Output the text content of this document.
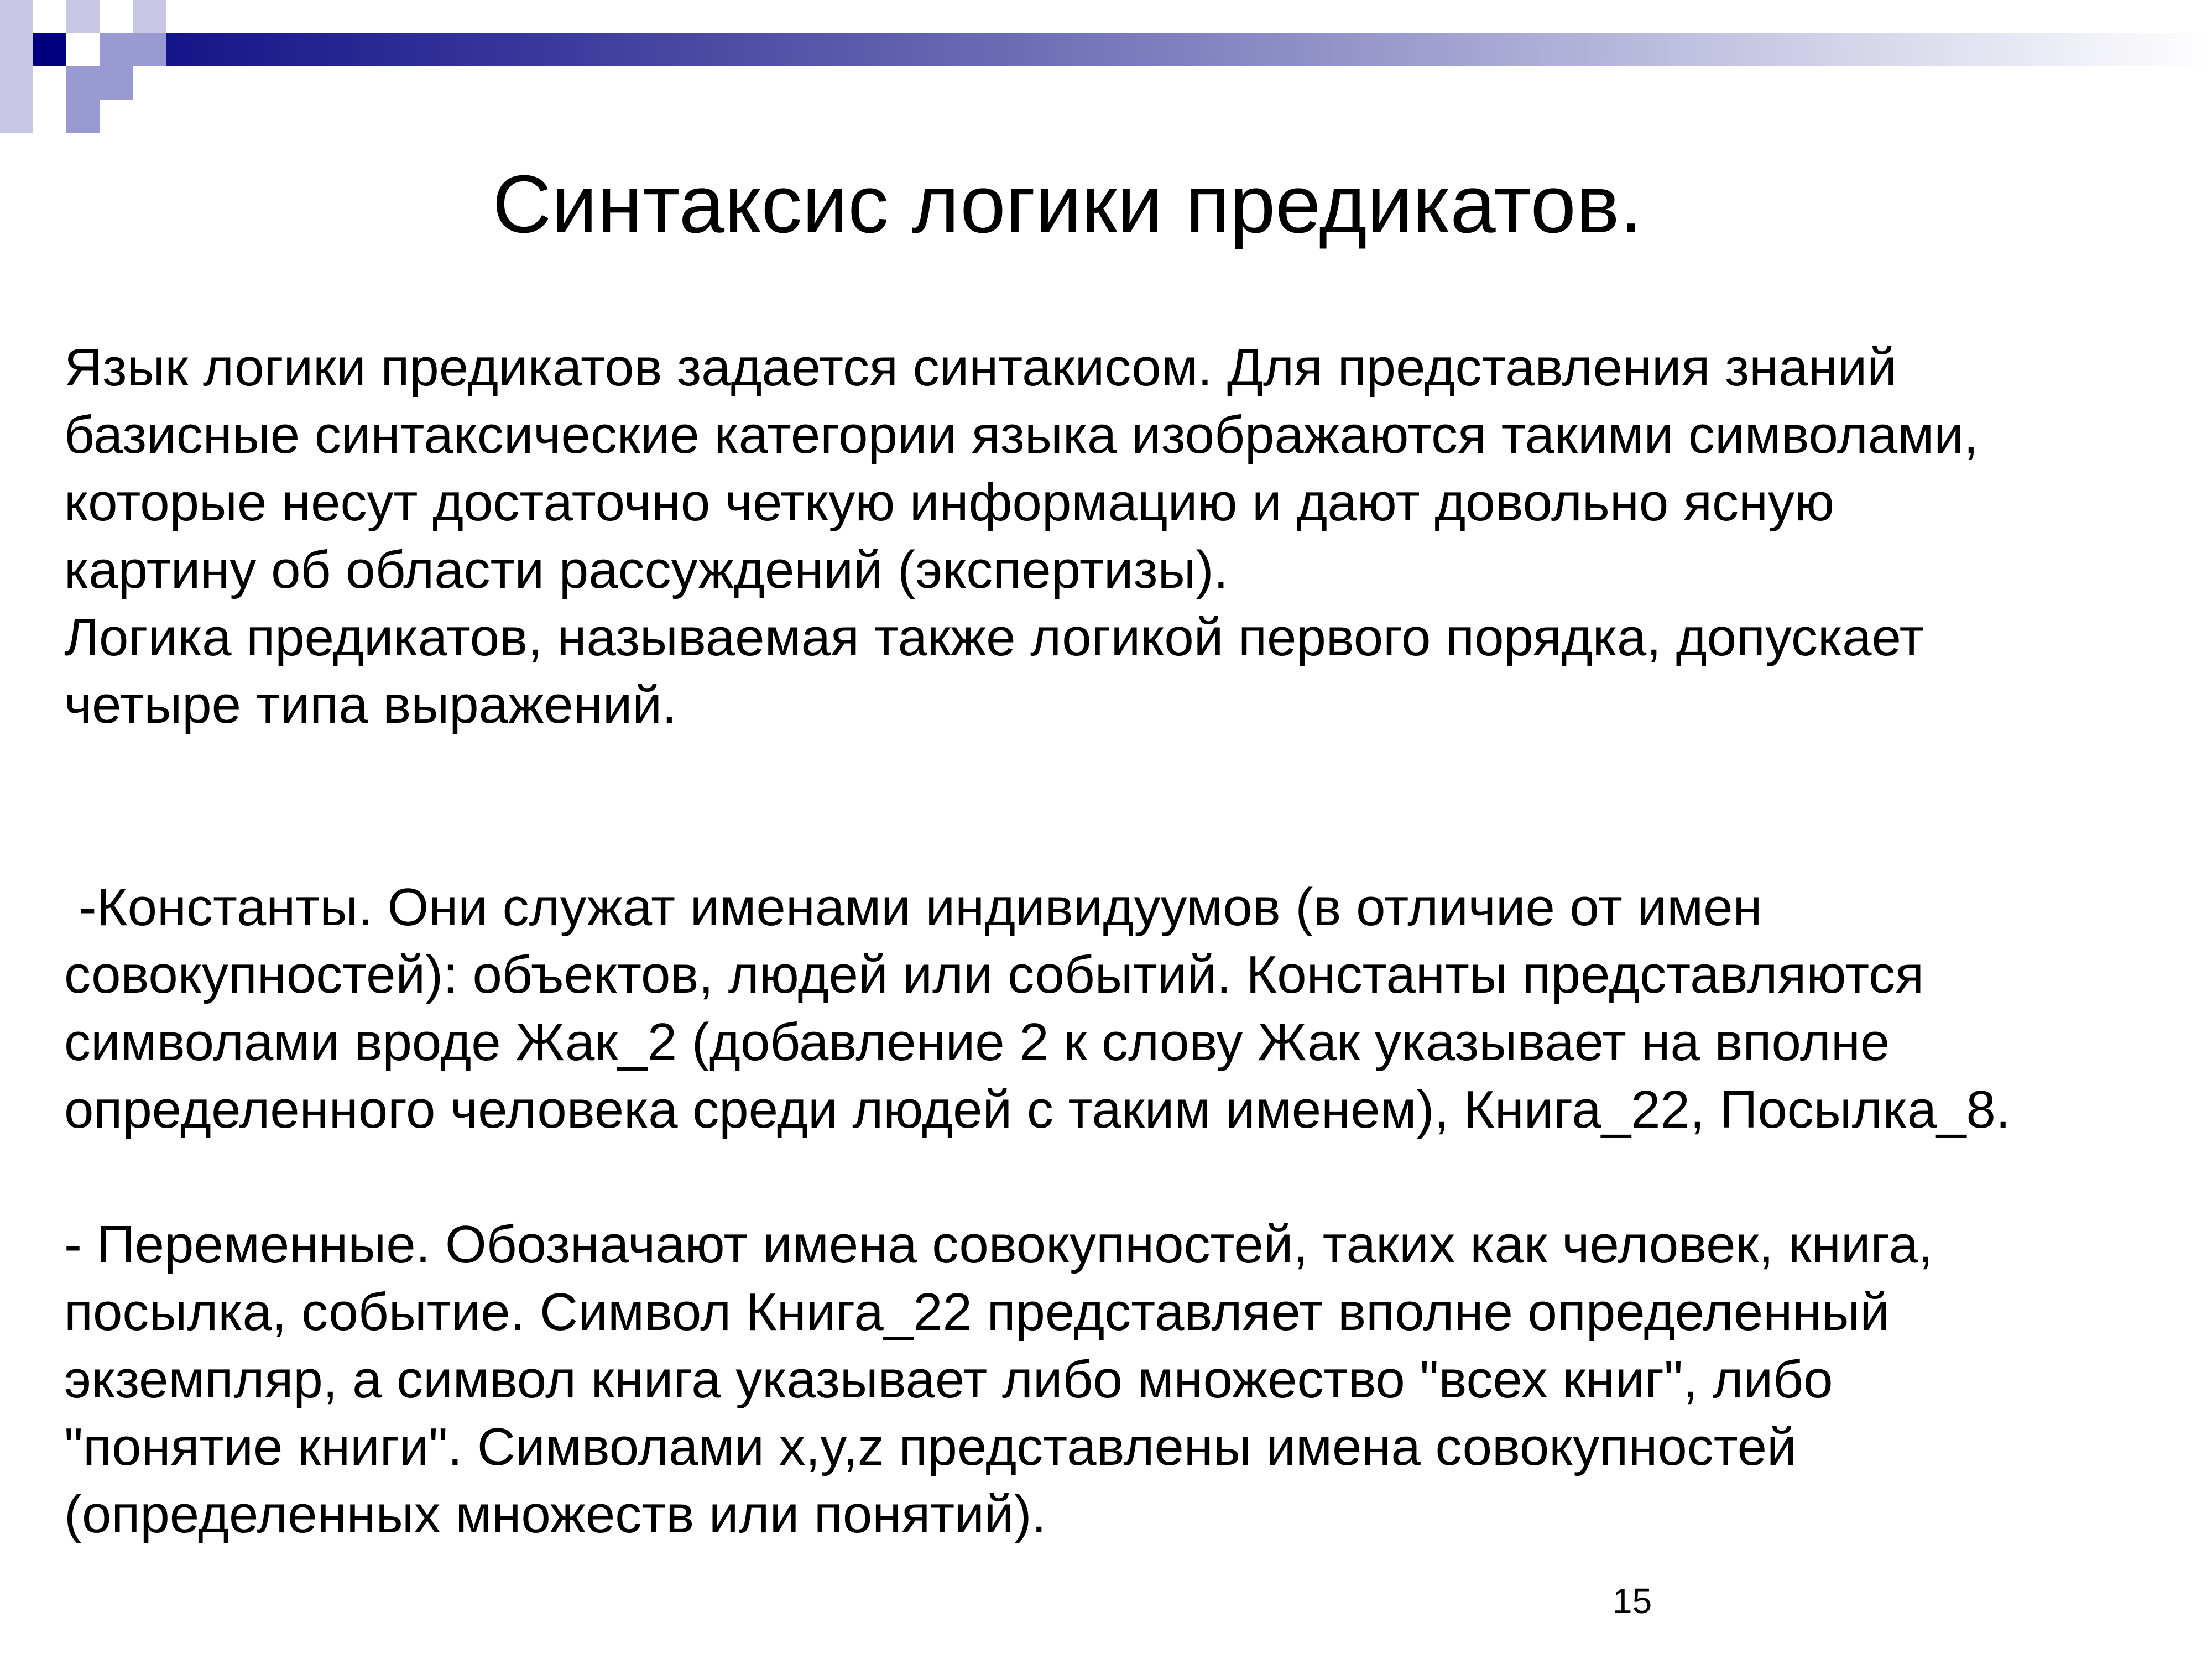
Синтаксис логики предикатов.

Язык логики предикатов задается синтакисом. Для представления знаний

базисные синтаксические категории языка изображаются такими символами,

которые несут достаточно четкую информацию и дают довольно ясную

картину об области рассуждений (экспертизы).

Логика предикатов, называемая также логикой первого порядка, допускает

четыре типа выражений.

-Константы. Они служат именами индивидуумов (в отличие от имен

совокупностей): объектов, людей или событий. Константы представляются

символами вроде Жак_2 (добавление 2 к слову Жак указывает на вполне

определенного человека среди людей с таким именем), Книга_22, Посылка_8.

- Переменные. Обозначают имена совокупностей, таких как человек, книга,

посылка, событие. Символ Книга_22 представляет вполне определенный

экземпляр, а символ книга указывает либо множество "всех книг", либо

"понятие книги". Символами x,y,z представлены имена совокупностей

(определенных множеств или понятий).

15
